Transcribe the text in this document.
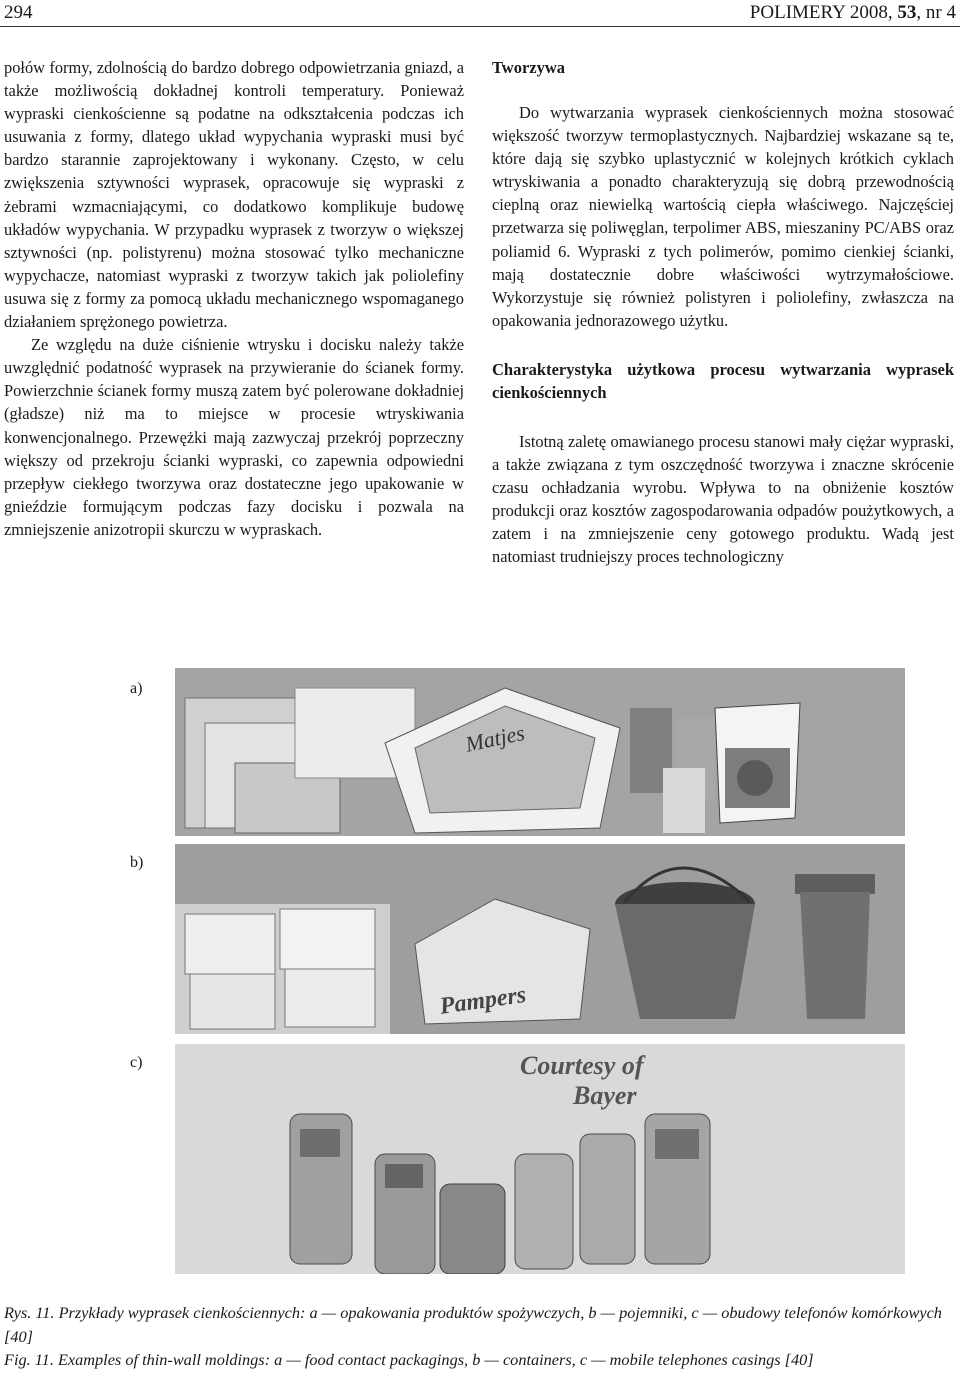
294	POLIMERY 2008, 53, nr 4

połów formy, zdolnością do bardzo dobrego odpowietrzania gniazd, a także możliwością dokładnej kontroli temperatury. Ponieważ wypraski cienkościenne są podatne na odkształcenia podczas ich usuwania z formy, dlatego układ wypychania wypraski musi być bardzo starannie zaprojektowany i wykonany. Często, w celu zwiększenia sztywności wyprasek, opracowuje się wypraski z żebrami wzmacniającymi, co dodatkowo komplikuje budowę układów wypychania. W przypadku wyprasek z tworzyw o większej sztywności (np. polistyrenu) można stosować tylko mechaniczne wypychacze, natomiast wypraski z tworzyw takich jak poliolefiny usuwa się z formy za pomocą układu mechanicznego wspomaganego działaniem sprężonego powietrza.

Ze względu na duże ciśnienie wtrysku i docisku należy także uwzględnić podatność wyprasek na przywieranie do ścianek formy. Powierzchnie ścianek formy muszą zatem być polerowane dokładniej (gładsze) niż ma to miejsce w procesie wtryskiwania konwencjonalnego. Przewężki mają zazwyczaj przekrój poprzeczny większy od przekroju ścianki wypraski, co zapewnia odpowiedni przepływ ciekłego tworzywa oraz dostateczne jego upakowanie w gnieździe formującym podczas fazy docisku i pozwala na zmniejszenie anizotropii skurczu w wypraskach.

Tworzywa

Do wytwarzania wyprasek cienkościennych można stosować większość tworzyw termoplastycznych. Najbardziej wskazane są te, które dają się szybko uplastycznić w kolejnych krótkich cyklach wtryskiwania a ponadto charakteryzują się dobrą przewodnością cieplną oraz niewielką wartością ciepła właściwego. Najczęściej przetwarza się poliwęglan, terpolimer ABS, mieszaniny PC/ABS oraz poliamid 6. Wypraski z tych polimerów, pomimo cienkiej ścianki, mają dostatecznie dobre właściwości wytrzymałościowe. Wykorzystuje się również polistyren i poliolefiny, zwłaszcza na opakowania jednorazowego użytku.

Charakterystyka użytkowa procesu wytwarzania wyprasek cienkościennych

Istotną zaletę omawianego procesu stanowi mały ciężar wypraski, a także związana z tym oszczędność tworzywa i znaczne skrócenie czasu ochładzania wyrobu. Wpływa to na obniżenie kosztów produkcji oraz kosztów zagospodarowania odpadów poużytkowych, a zatem i na zmniejszenie ceny gotowego produktu. Wadą jest natomiast trudniejszy proces technologiczny

a)
Matjes
b)
Pampers
c)	Courtesy of
Bayer

Rys. 11. Przykłady wyprasek cienkościennych: a — opakowania produktów spożywczych, b — pojemniki, c — obudowy telefonów komórkowych [40]

Fig. 11. Examples of thin-wall moldings: a — food contact packagings, b — containers, c — mobile telephones casings [40]
